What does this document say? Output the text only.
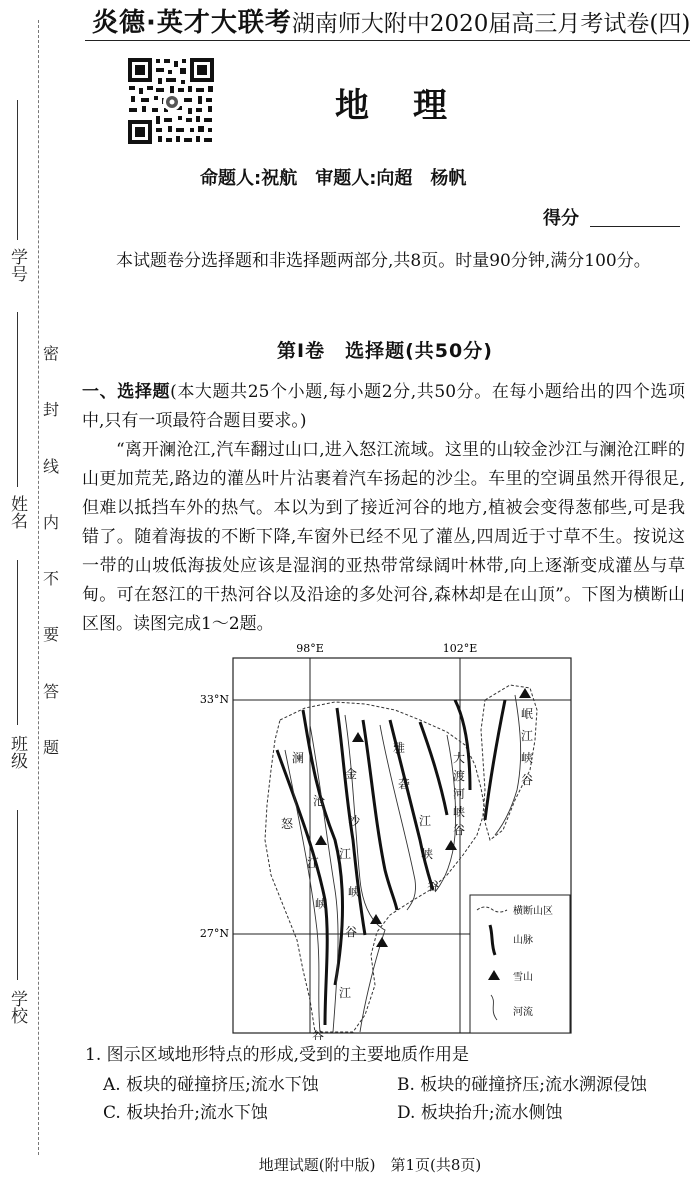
学号
姓名
班级
学校
密
封
线
内
不
要
答
题
炎德·英才大联考湖南师大附中2020届高三月考试卷(四)
地理
命题人:祝航　审题人:向超　杨帆
得分
本试题卷分选择题和非选择题两部分,共8页。时量90分钟,满分100分。
第Ⅰ卷　选择题(共50分)
一、选择题(本大题共25个小题,每小题2分,共50分。在每小题给出的四个选项中,只有一项最符合题目要求。)
“离开澜沧江,汽车翻过山口,进入怒江流域。这里的山较金沙江与澜沧江畔的山更加荒芜,路边的灌丛叶片沾裹着汽车扬起的沙尘。车里的空调虽然开得很足,但难以抵挡车外的热气。本以为到了接近河谷的地方,植被会变得葱郁些,可是我错了。随着海拔的不断下降,车窗外已经不见了灌丛,四周近于寸草不生。按说这一带的山坡低海拔处应该是湿润的亚热带常绿阔叶林带,向上逐渐变成灌丛与草甸。可在怒江的干热河谷以及沿途的多处河谷,森林却是在山顶”。下图为横断山区图。读图完成1～2题。
98°E	102°E
33°N
27°N
澜
沧
江
怒
峡
谷
金
沙
江
峡
谷
江
雅
砻
江
峡
谷
大
渡
河
峡
谷
岷
江
峡
谷
横断山区
山脉
雪山
河流
1. 图示区域地形特点的形成,受到的主要地质作用是
A. 板块的碰撞挤压;流水下蚀	B. 板块的碰撞挤压;流水溯源侵蚀
C. 板块抬升;流水下蚀	D. 板块抬升;流水侧蚀
地理试题(附中版)　第1页(共8页)
